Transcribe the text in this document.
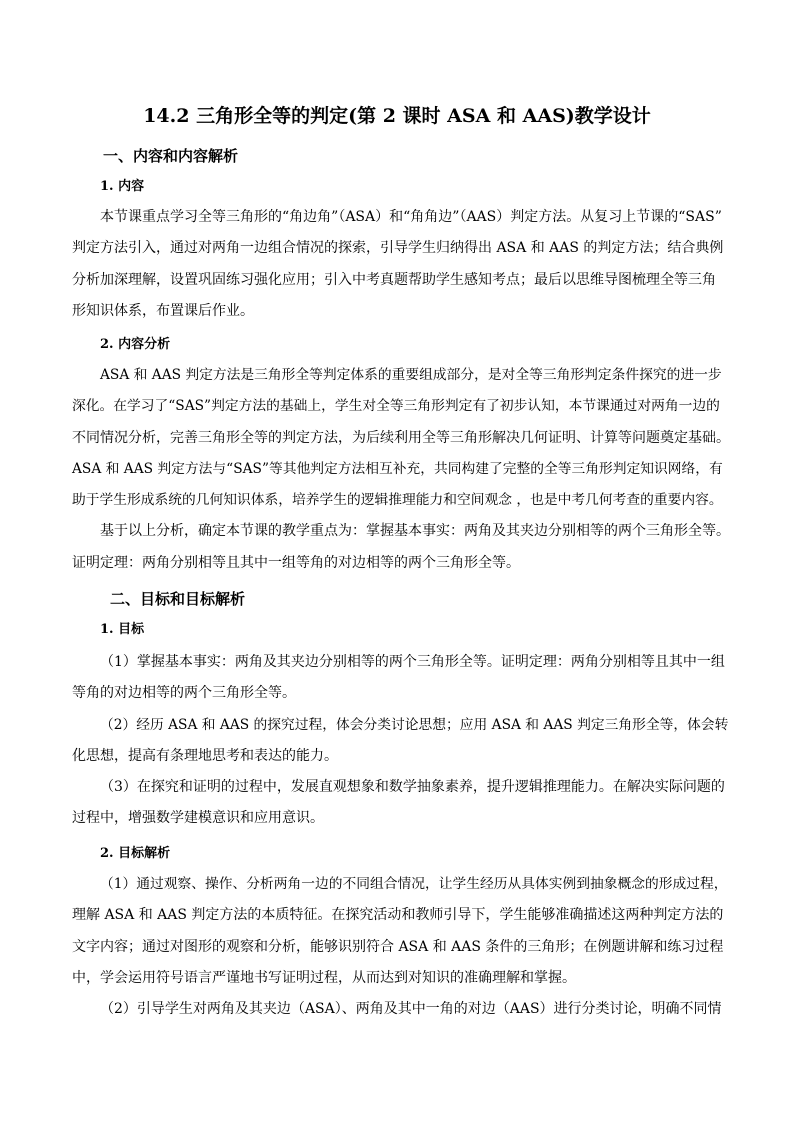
14.2 三角形全等的判定(第 2 课时 ASA 和 AAS)教学设计
一、内容和内容解析
1. 内容
本节课重点学习全等三角形的“角边角”（ASA）和“角角边”（AAS）判定方法。从复习上节课的“SAS”
判定方法引入，通过对两角一边组合情况的探索，引导学生归纳得出 ASA 和 AAS 的判定方法；结合典例
分析加深理解，设置巩固练习强化应用；引入中考真题帮助学生感知考点；最后以思维导图梳理全等三角
形知识体系，布置课后作业。
2. 内容分析
ASA 和 AAS 判定方法是三角形全等判定体系的重要组成部分，是对全等三角形判定条件探究的进一步
深化。在学习了“SAS”判定方法的基础上，学生对全等三角形判定有了初步认知，本节课通过对两角一边的
不同情况分析，完善三角形全等的判定方法，为后续利用全等三角形解决几何证明、计算等问题奠定基础。
ASA 和 AAS 判定方法与“SAS”等其他判定方法相互补充，共同构建了完整的全等三角形判定知识网络，有
助于学生形成系统的几何知识体系，培养学生的逻辑推理能力和空间观念 ，也是中考几何考查的重要内容。
基于以上分析，确定本节课的教学重点为：掌握基本事实：两角及其夹边分别相等的两个三角形全等。
证明定理：两角分别相等且其中一组等角的对边相等的两个三角形全等。
二、目标和目标解析
1. 目标
（1）掌握基本事实：两角及其夹边分别相等的两个三角形全等。证明定理：两角分别相等且其中一组
等角的对边相等的两个三角形全等。
（2）经历 ASA 和 AAS 的探究过程，体会分类讨论思想；应用 ASA 和 AAS 判定三角形全等，体会转
化思想，提高有条理地思考和表达的能力。
（3）在探究和证明的过程中，发展直观想象和数学抽象素养，提升逻辑推理能力。在解决实际问题的
过程中，增强数学建模意识和应用意识。
2. 目标解析
（1）通过观察、操作、分析两角一边的不同组合情况，让学生经历从具体实例到抽象概念的形成过程，
理解 ASA 和 AAS 判定方法的本质特征。在探究活动和教师引导下，学生能够准确描述这两种判定方法的
文字内容；通过对图形的观察和分析，能够识别符合 ASA 和 AAS 条件的三角形；在例题讲解和练习过程
中，学会运用符号语言严谨地书写证明过程，从而达到对知识的准确理解和掌握。
（2）引导学生对两角及其夹边（ASA）、两角及其中一角的对边（AAS）进行分类讨论，明确不同情
